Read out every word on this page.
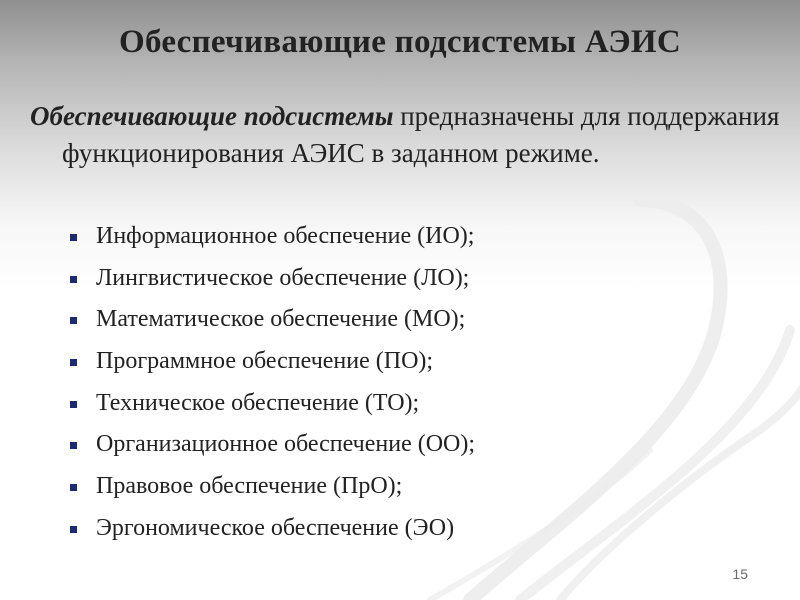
Обеспечивающие подсистемы АЭИС

Обеспечивающие подсистемы предназначены для поддержания функционирования АЭИС в заданном режиме.

Информационное обеспечение (ИО);
Лингвистическое обеспечение (ЛО);
Математическое обеспечение (МО);
Программное обеспечение (ПО);
Техническое обеспечение (ТО);
Организационное обеспечение (ОО);
Правовое обеспечение (ПрО);
Эргономическое обеспечение (ЭО)
15
